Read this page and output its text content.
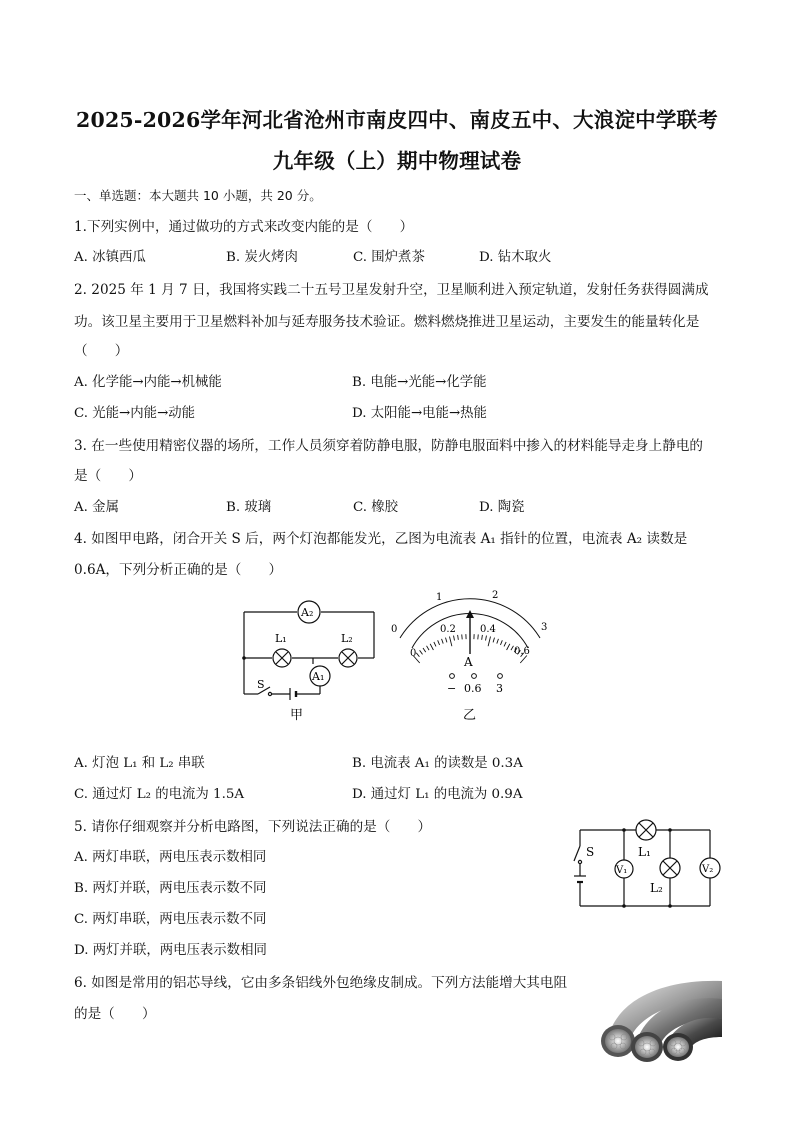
2025-2026学年河北省沧州市南皮四中、南皮五中、大浪淀中学联考
九年级（上）期中物理试卷
一、单选题：本大题共 10 小题，共 20 分。
1.下列实例中，通过做功的方式来改变内能的是（　　）
A. 冰镇西瓜	B. 炭火烤肉	C. 围炉煮茶	D. 钻木取火
2. 2025 年 1 月 7 日，我国将实践二十五号卫星发射升空，卫星顺利进入预定轨道，发射任务获得圆满成
功。该卫星主要用于卫星燃料补加与延寿服务技术验证。燃料燃烧推进卫星运动，主要发生的能量转化是
（　　）
A. 化学能→内能→机械能	B. 电能→光能→化学能
C. 光能→内能→动能	D. 太阳能→电能→热能
3. 在一些使用精密仪器的场所，工作人员须穿着防静电服，防静电服面料中掺入的材料能导走身上静电的
是（　　）
A. 金属	B. 玻璃	C. 橡胶	D. 陶瓷
4. 如图甲电路，闭合开关 S 后，两个灯泡都能发光，乙图为电流表 A₁ 指针的位置，电流表 A₂ 读数是
0.6A，下列分析正确的是（　　）
A₂
L₁	L₂
A₁
S
甲
0
1	2
3
0
0.2 0.4
0.6
A
− 0.6 3
乙
A. 灯泡 L₁ 和 L₂ 串联	B. 电流表 A₁ 的读数是 0.3A
C. 通过灯 L₂ 的电流为 1.5A	D. 通过灯 L₁ 的电流为 0.9A
5. 请你仔细观察并分析电路图，下列说法正确的是（　　）
A. 两灯串联，两电压表示数相同
B. 两灯并联，两电压表示数不同
C. 两灯串联，两电压表示数不同
D. 两灯并联，两电压表示数相同
S
V₁	V₂
L₁
L₂
6. 如图是常用的铝芯导线，它由多条铝线外包绝缘皮制成。下列方法能增大其电阻
的是（　　）
